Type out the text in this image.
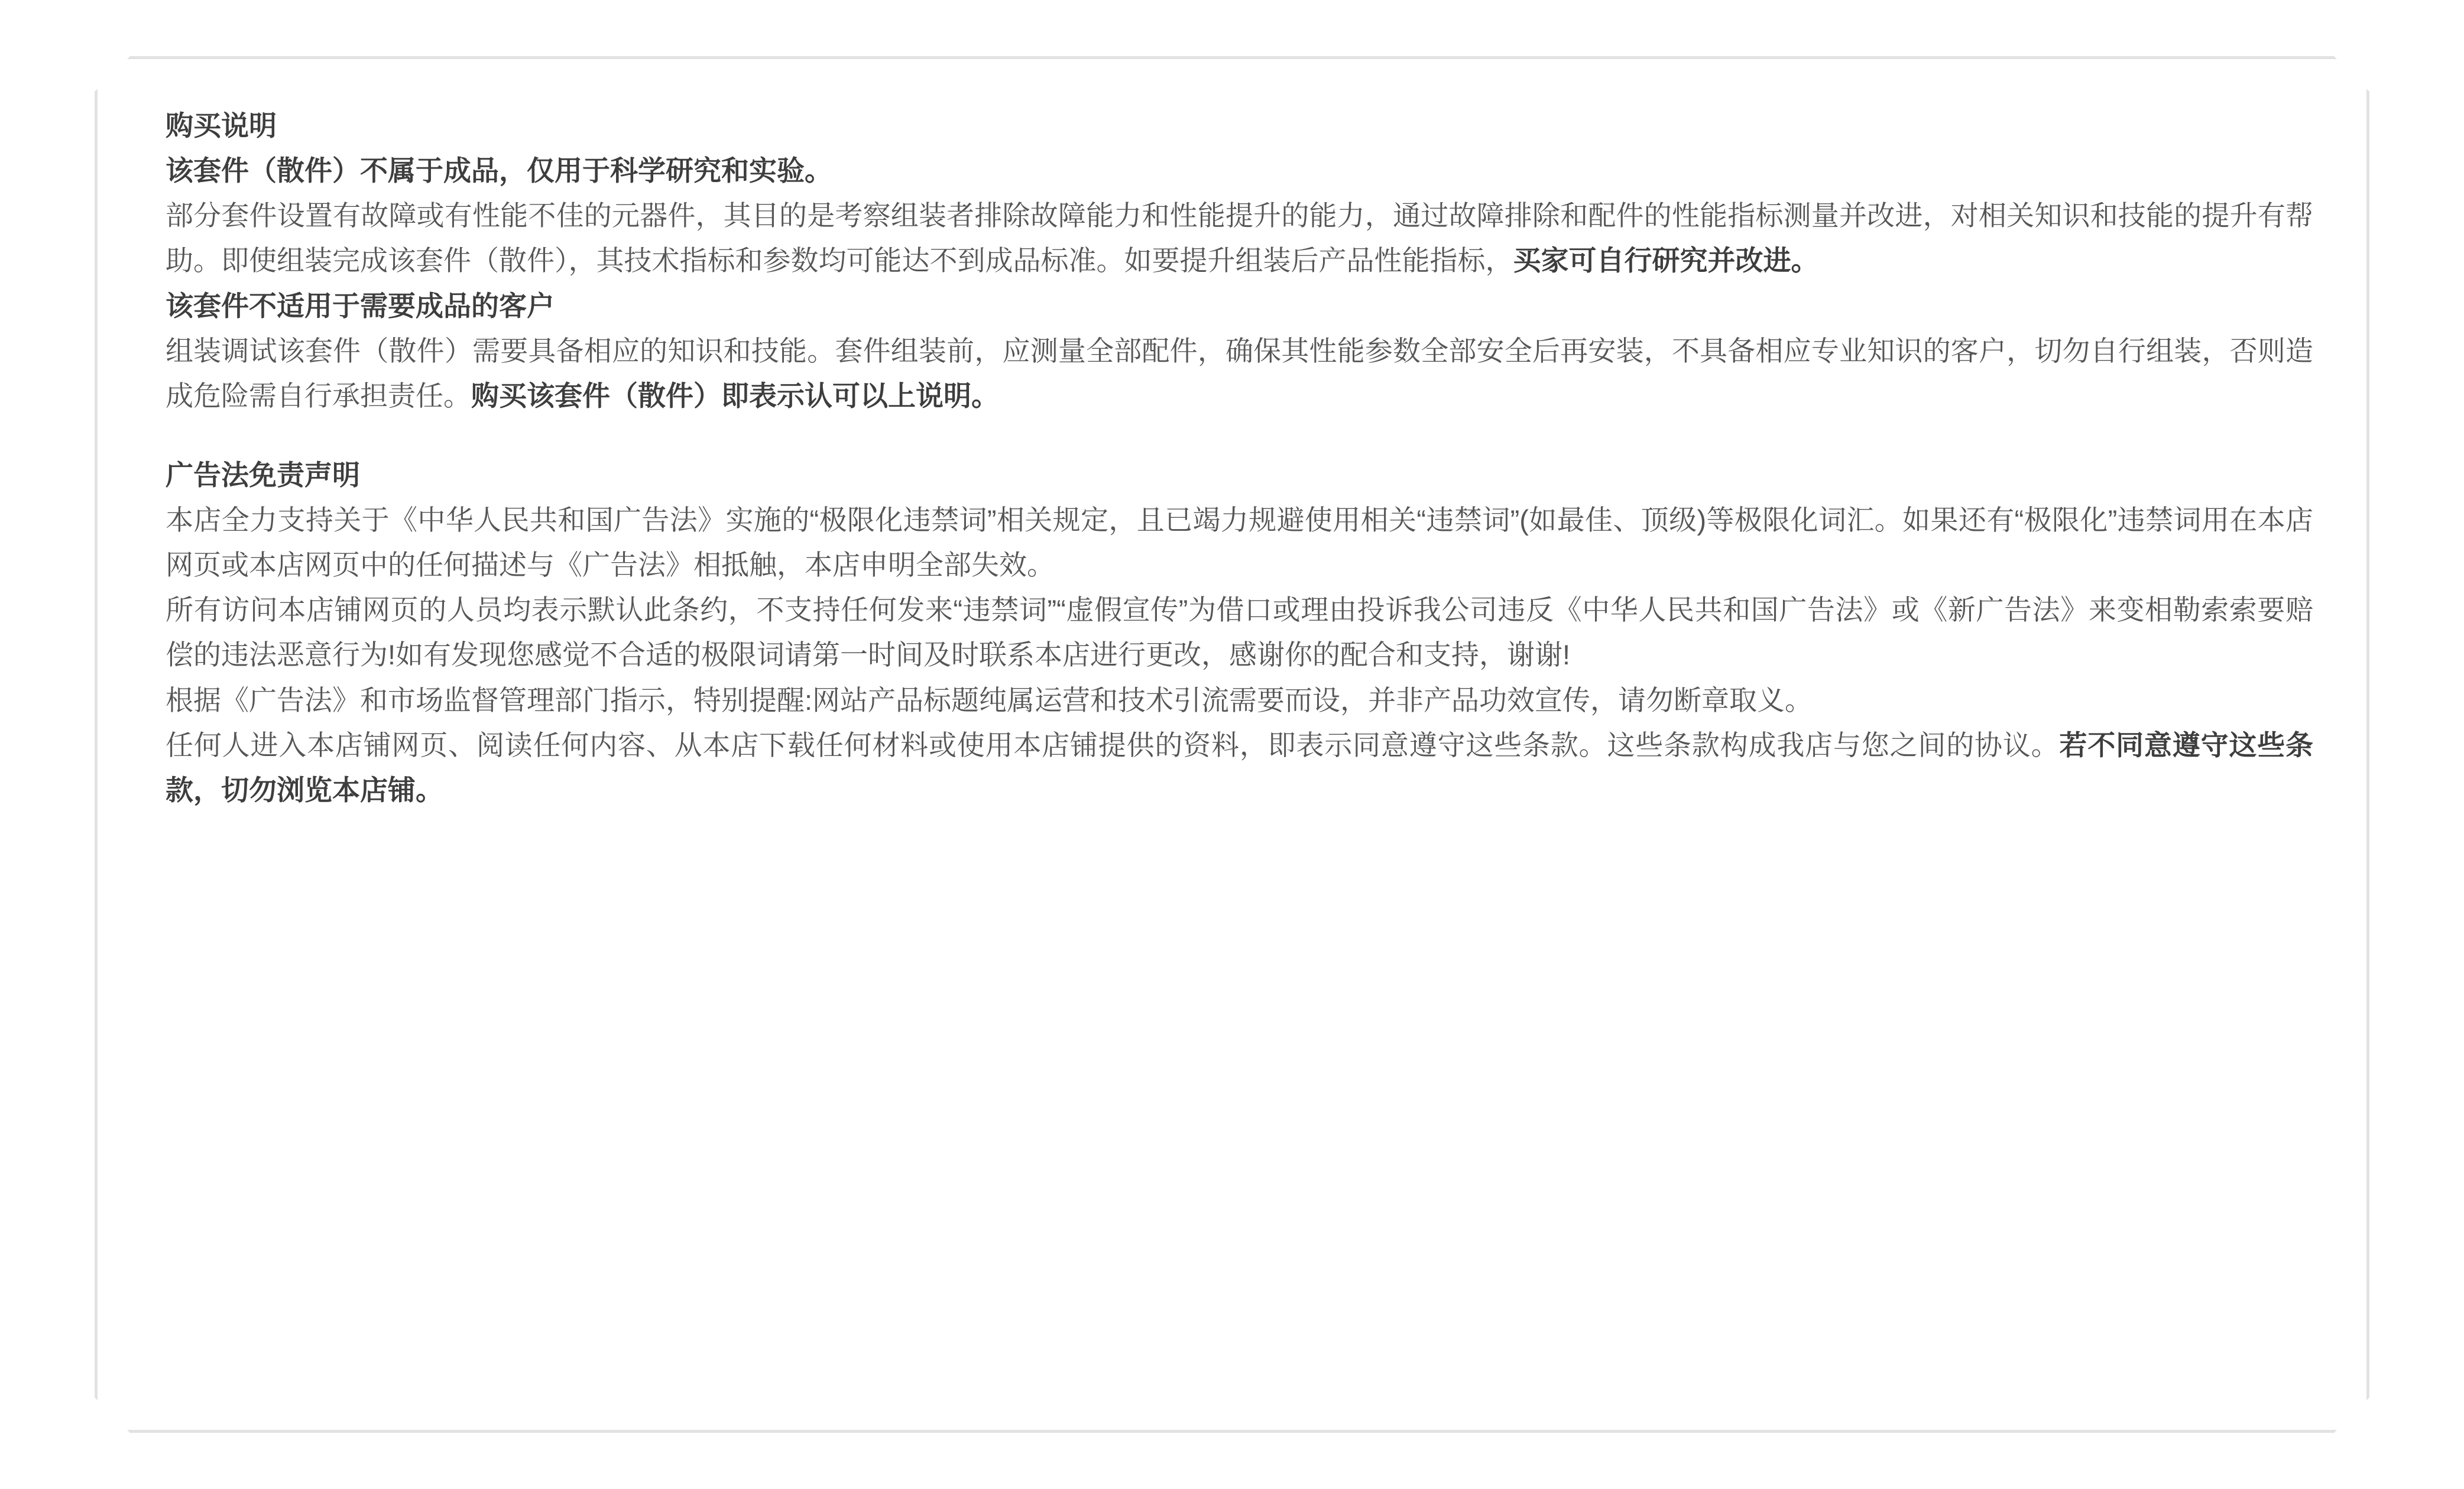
购买说明

该套件（散件）不属于成品，仅用于科学研究和实验。

部分套件设置有故障或有性能不佳的元器件，其目的是考察组装者排除故障能力和性能提升的能力，通过故障排除和配件的性能指标测量并改进，对相关知识和技能的提升有帮助。即使组装完成该套件（散件），其技术指标和参数均可能达不到成品标准。如要提升组装后产品性能指标，买家可自行研究并改进。

该套件不适用于需要成品的客户

组装调试该套件（散件）需要具备相应的知识和技能。套件组装前，应测量全部配件，确保其性能参数全部安全后再安装，不具备相应专业知识的客户，切勿自行组装，否则造成危险需自行承担责任。购买该套件（散件）即表示认可以上说明。

广告法免责声明

本店全力支持关于《中华人民共和国广告法》实施的“极限化违禁词”相关规定，且已竭力规避使用相关“违禁词”(如最佳、顶级)等极限化词汇。如果还有“极限化”违禁词用在本店网页或本店网页中的任何描述与《广告法》相抵触，本店申明全部失效。

所有访问本店铺网页的人员均表示默认此条约，不支持任何发来“违禁词”“虚假宣传”为借口或理由投诉我公司违反《中华人民共和国广告法》或《新广告法》来变相勒索索要赔偿的违法恶意行为!如有发现您感觉不合适的极限词请第一时间及时联系本店进行更改，感谢你的配合和支持，谢谢!

根据《广告法》和市场监督管理部门指示，特别提醒:网站产品标题纯属运营和技术引流需要而设，并非产品功效宣传，请勿断章取义。

任何人进入本店铺网页、阅读任何内容、从本店下载任何材料或使用本店铺提供的资料，即表示同意遵守这些条款。这些条款构成我店与您之间的协议。若不同意遵守这些条款，切勿浏览本店铺。
